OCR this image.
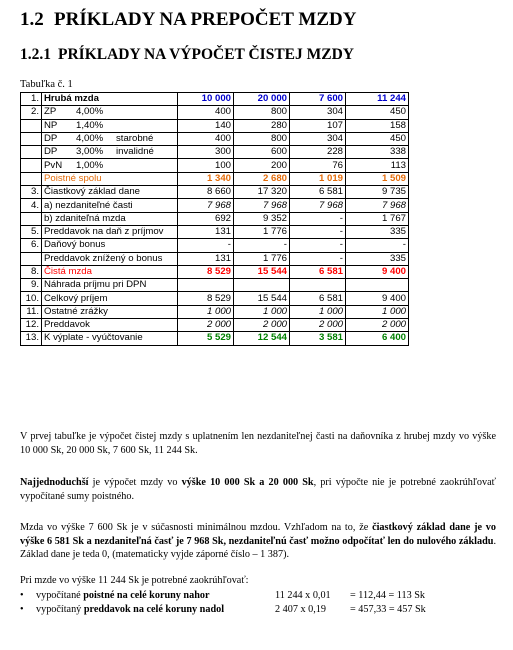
1.2 PRÍKLADY NA PREPOČET MZDY
1.2.1 PRÍKLADY NA VÝPOČET ČISTEJ MZDY
Tabuľka č. 1
1.	Hrubá mzda	10 000	20 000	7 600	11 244
2.	ZP 4,00%	400	800	304	450
	NP 1,40%	140	280	107	158
	DP 4,00% starobné	400	800	304	450
	DP 3,00% invalidné	300	600	228	338
	PvN 1,00%	100	200	76	113
	Poistné spolu	1 340	2 680	1 019	1 509
3.	Čiastkový základ dane	8 660	17 320	6 581	9 735
4.	a) nezdaniteľné časti	7 968	7 968	7 968	7 968
	b) zdaniteľná mzda	692	9 352	-	1 767
5.	Preddavok na daň z príjmov	131	1 776	-	335
6.	Daňový bonus	-	-	-	-
	Preddavok znížený o bonus	131	1 776	-	335
8.	Čistá mzda	8 529	15 544	6 581	9 400
9.	Náhrada príjmu pri DPN				
10.	Celkový príjem	8 529	15 544	6 581	9 400
11.	Ostatné zrážky	1 000	1 000	1 000	1 000
12.	Preddavok	2 000	2 000	2 000	2 000
13.	K výplate - vyúčtovanie	5 529	12 544	3 581	6 400
V prvej tabuľke je výpočet čistej mzdy s uplatnením len nezdaniteľnej časti na daňovníka z hrubej mzdy vo výške 10 000 Sk, 20 000 Sk, 7 600 Sk, 11 244 Sk.
Najjednoduchší je výpočet mzdy vo výške 10 000 Sk a 20 000 Sk, pri výpočte nie je potrebné zaokrúhľovať vypočítané sumy poistného.
Mzda vo výške 7 600 Sk je v súčasnosti minimálnou mzdou. Vzhľadom na to, že čiastkový základ dane je vo výške 6 581 Sk a nezdaniteľná časť je 7 968 Sk, nezdaniteľnú časť možno odpočítať len do nulového základu. Základ dane je teda 0, (matematicky vyjde záporné číslo – 1 387).
Pri mzde vo výške 11 244 Sk je potrebné zaokrúhľovať:
• vypočítané poistné na celé koruny nahor	11 244 x 0,01 = 112,44 = 113 Sk
• vypočítaný preddavok na celé koruny nadol	2 407 x 0,19 = 457,33 = 457 Sk
